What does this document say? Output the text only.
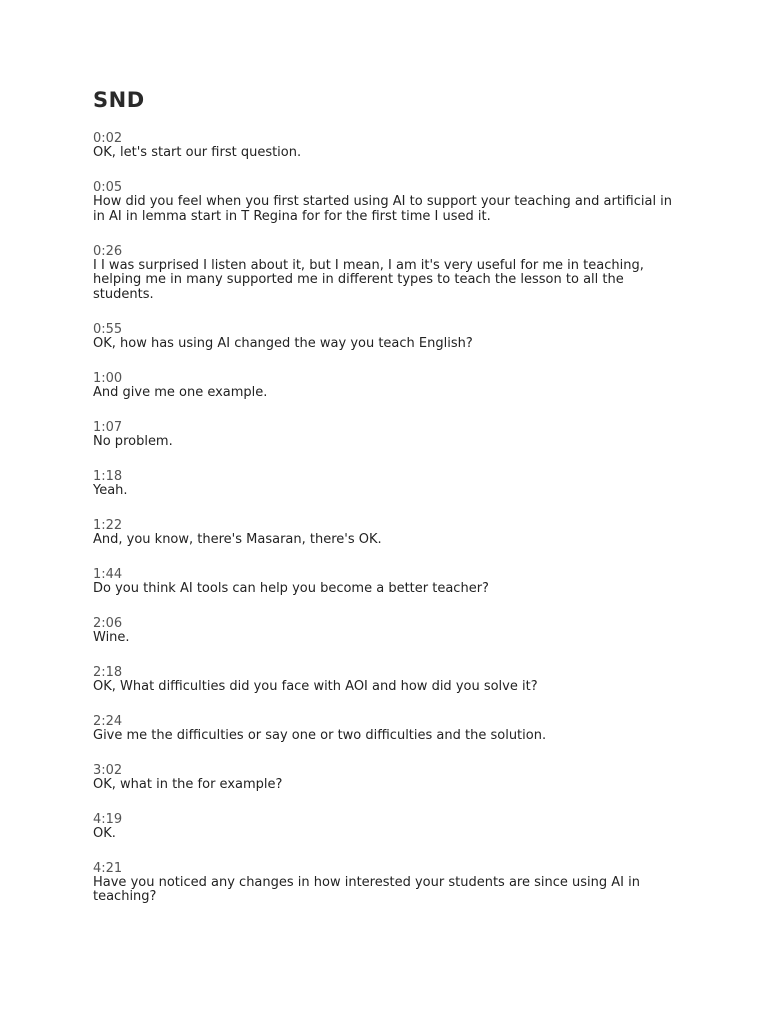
SND
0:02
OK, let's start our first question.
0:05
How did you feel when you first started using AI to support your teaching and artificial in in AI in lemma start in T Regina for for the first time I used it.
0:26
I I was surprised I listen about it, but I mean, I am it's very useful for me in teaching, helping me in many supported me in different types to teach the lesson to all the students.
0:55
OK, how has using AI changed the way you teach English?
1:00
And give me one example.
1:07
No problem.
1:18
Yeah.
1:22
And, you know, there's Masaran, there's OK.
1:44
Do you think AI tools can help you become a better teacher?
2:06
Wine.
2:18
OK, What difficulties did you face with AOI and how did you solve it?
2:24
Give me the difficulties or say one or two difficulties and the solution.
3:02
OK, what in the for example?
4:19
OK.
4:21
Have you noticed any changes in how interested your students are since using AI in teaching?
